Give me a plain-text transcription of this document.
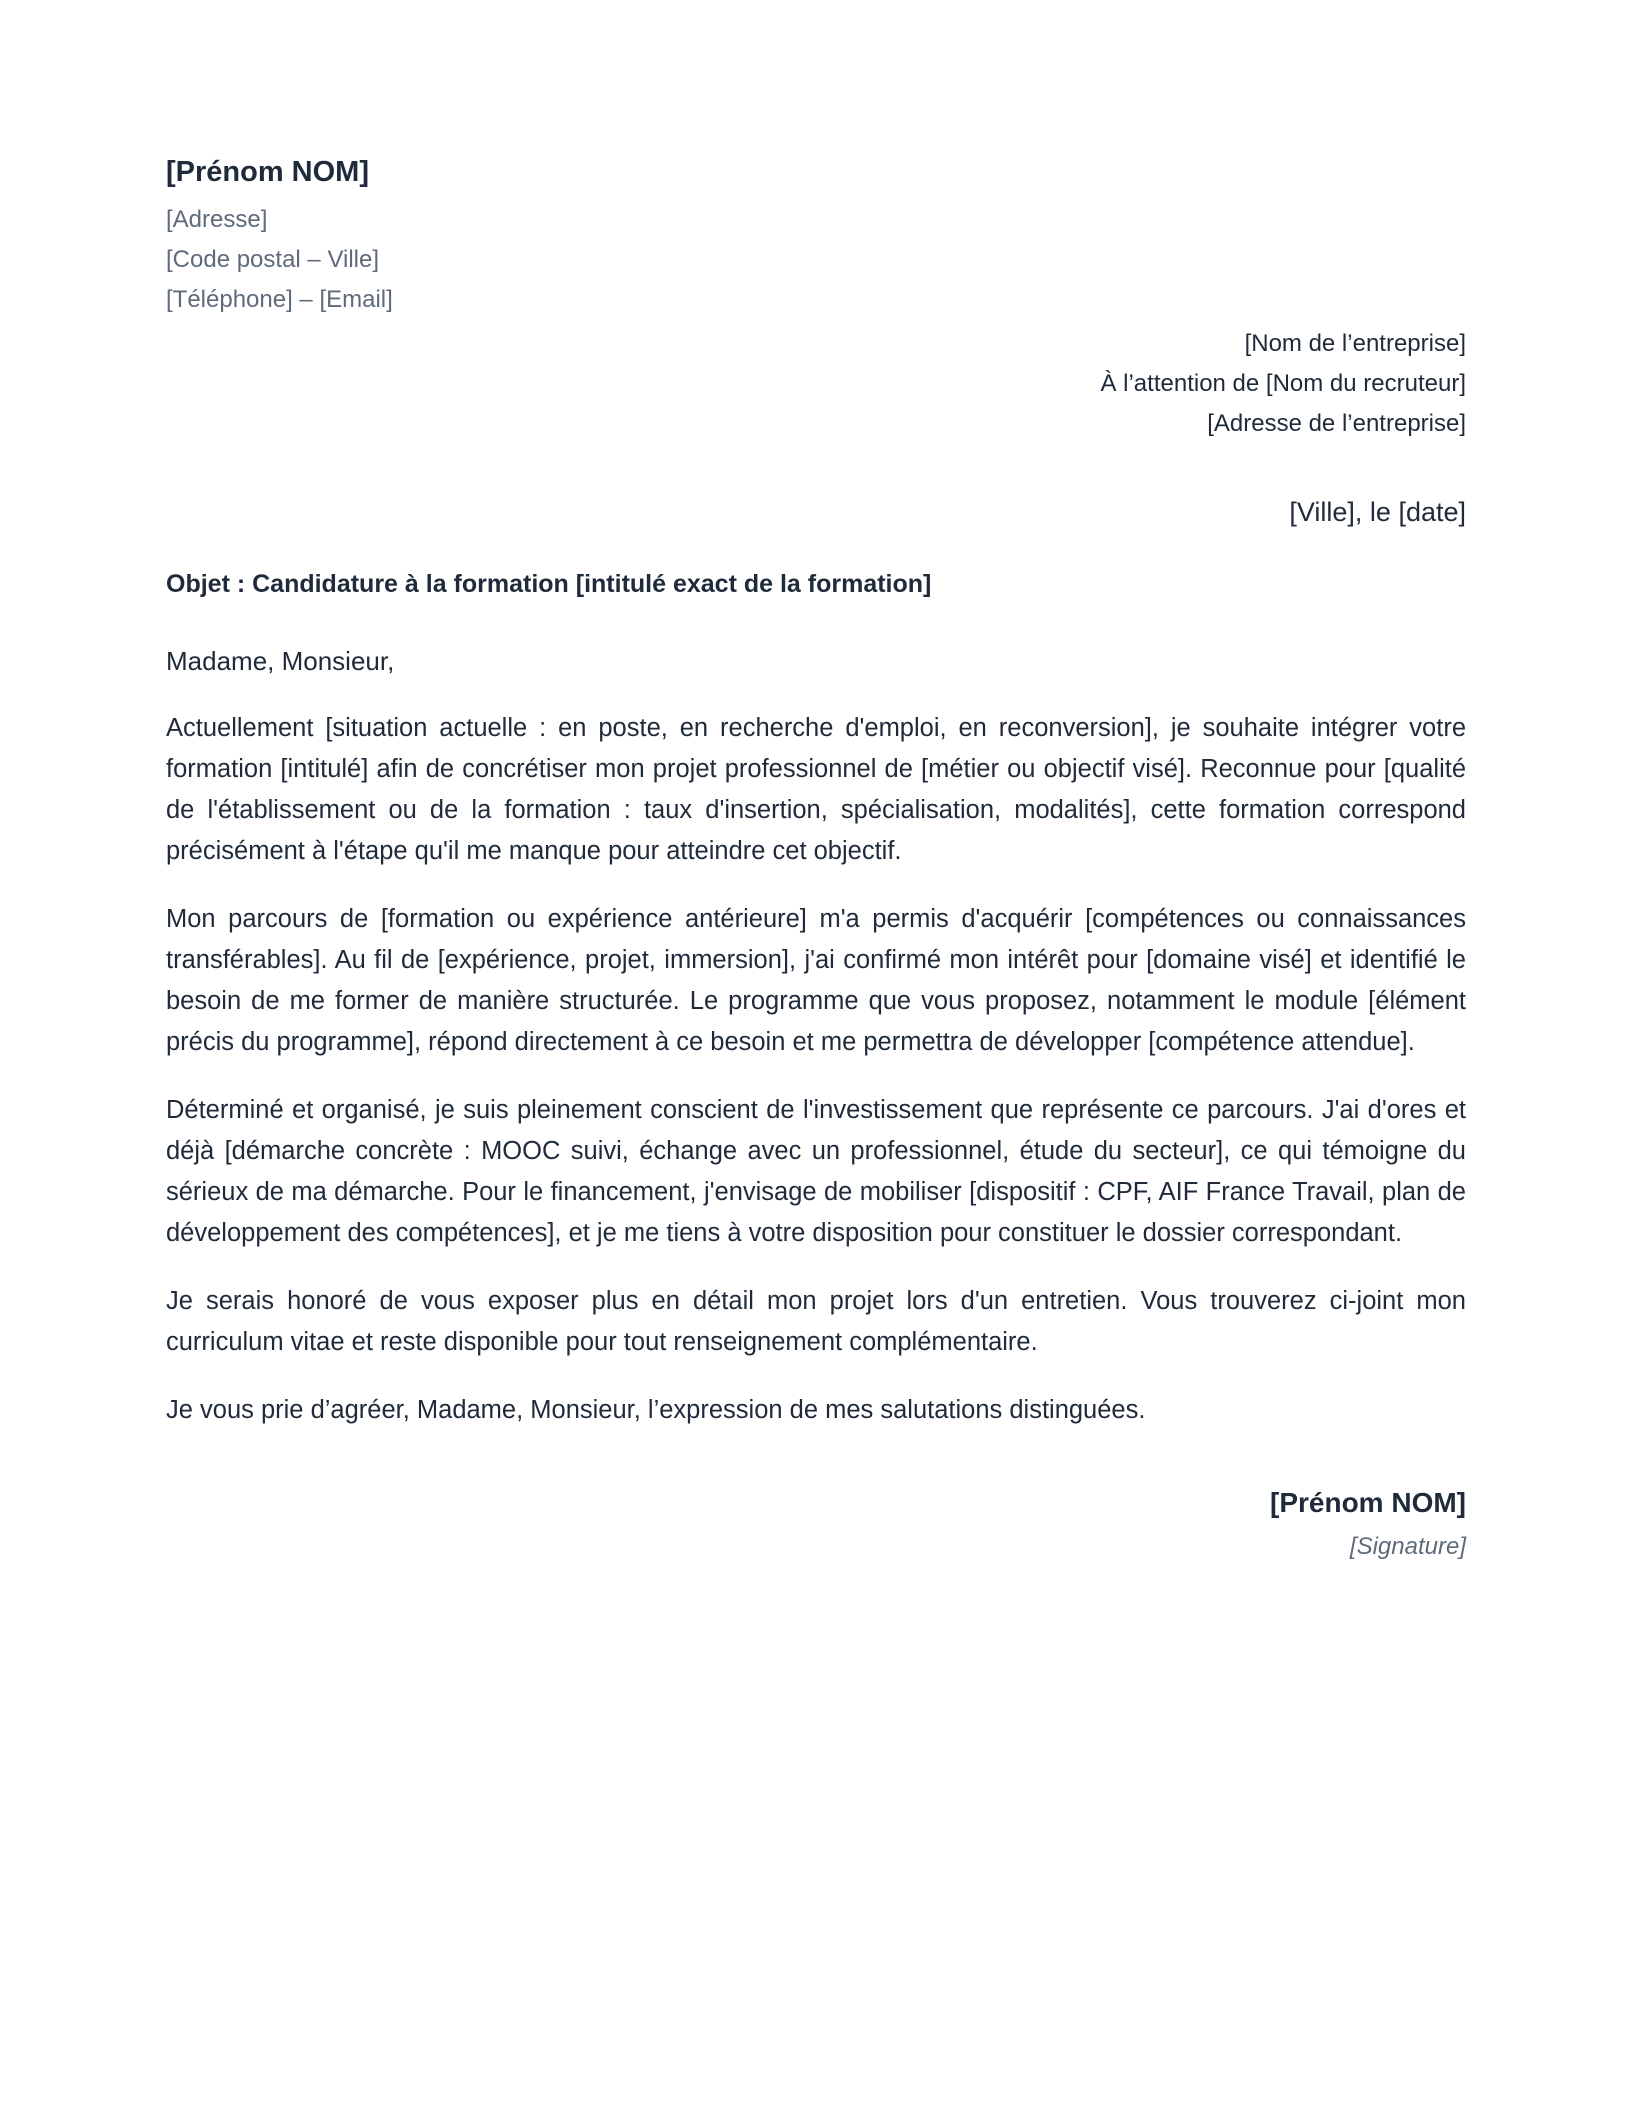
[Prénom NOM]
[Adresse]
[Code postal – Ville]
[Téléphone] – [Email]
[Nom de l’entreprise]
À l’attention de [Nom du recruteur]
[Adresse de l’entreprise]
[Ville], le [date]
Objet : Candidature à la formation [intitulé exact de la formation]
Madame, Monsieur,
Actuellement [situation actuelle : en poste, en recherche d'emploi, en reconversion], je souhaite intégrer votre formation [intitulé] afin de concrétiser mon projet professionnel de [métier ou objectif visé]. Reconnue pour [qualité de l'établissement ou de la formation : taux d'insertion, spécialisation, modalités], cette formation correspond précisément à l'étape qu'il me manque pour atteindre cet objectif.
Mon parcours de [formation ou expérience antérieure] m'a permis d'acquérir [compétences ou connaissances transférables]. Au fil de [expérience, projet, immersion], j'ai confirmé mon intérêt pour [domaine visé] et identifié le besoin de me former de manière structurée. Le programme que vous proposez, notamment le module [élément précis du programme], répond directement à ce besoin et me permettra de développer [compétence attendue].
Déterminé et organisé, je suis pleinement conscient de l'investissement que représente ce parcours. J'ai d'ores et déjà [démarche concrète : MOOC suivi, échange avec un professionnel, étude du secteur], ce qui témoigne du sérieux de ma démarche. Pour le financement, j'envisage de mobiliser [dispositif : CPF, AIF France Travail, plan de développement des compétences], et je me tiens à votre disposition pour constituer le dossier correspondant.
Je serais honoré de vous exposer plus en détail mon projet lors d'un entretien. Vous trouverez ci-joint mon curriculum vitae et reste disponible pour tout renseignement complémentaire.
Je vous prie d’agréer, Madame, Monsieur, l’expression de mes salutations distinguées.
[Prénom NOM]
[Signature]
